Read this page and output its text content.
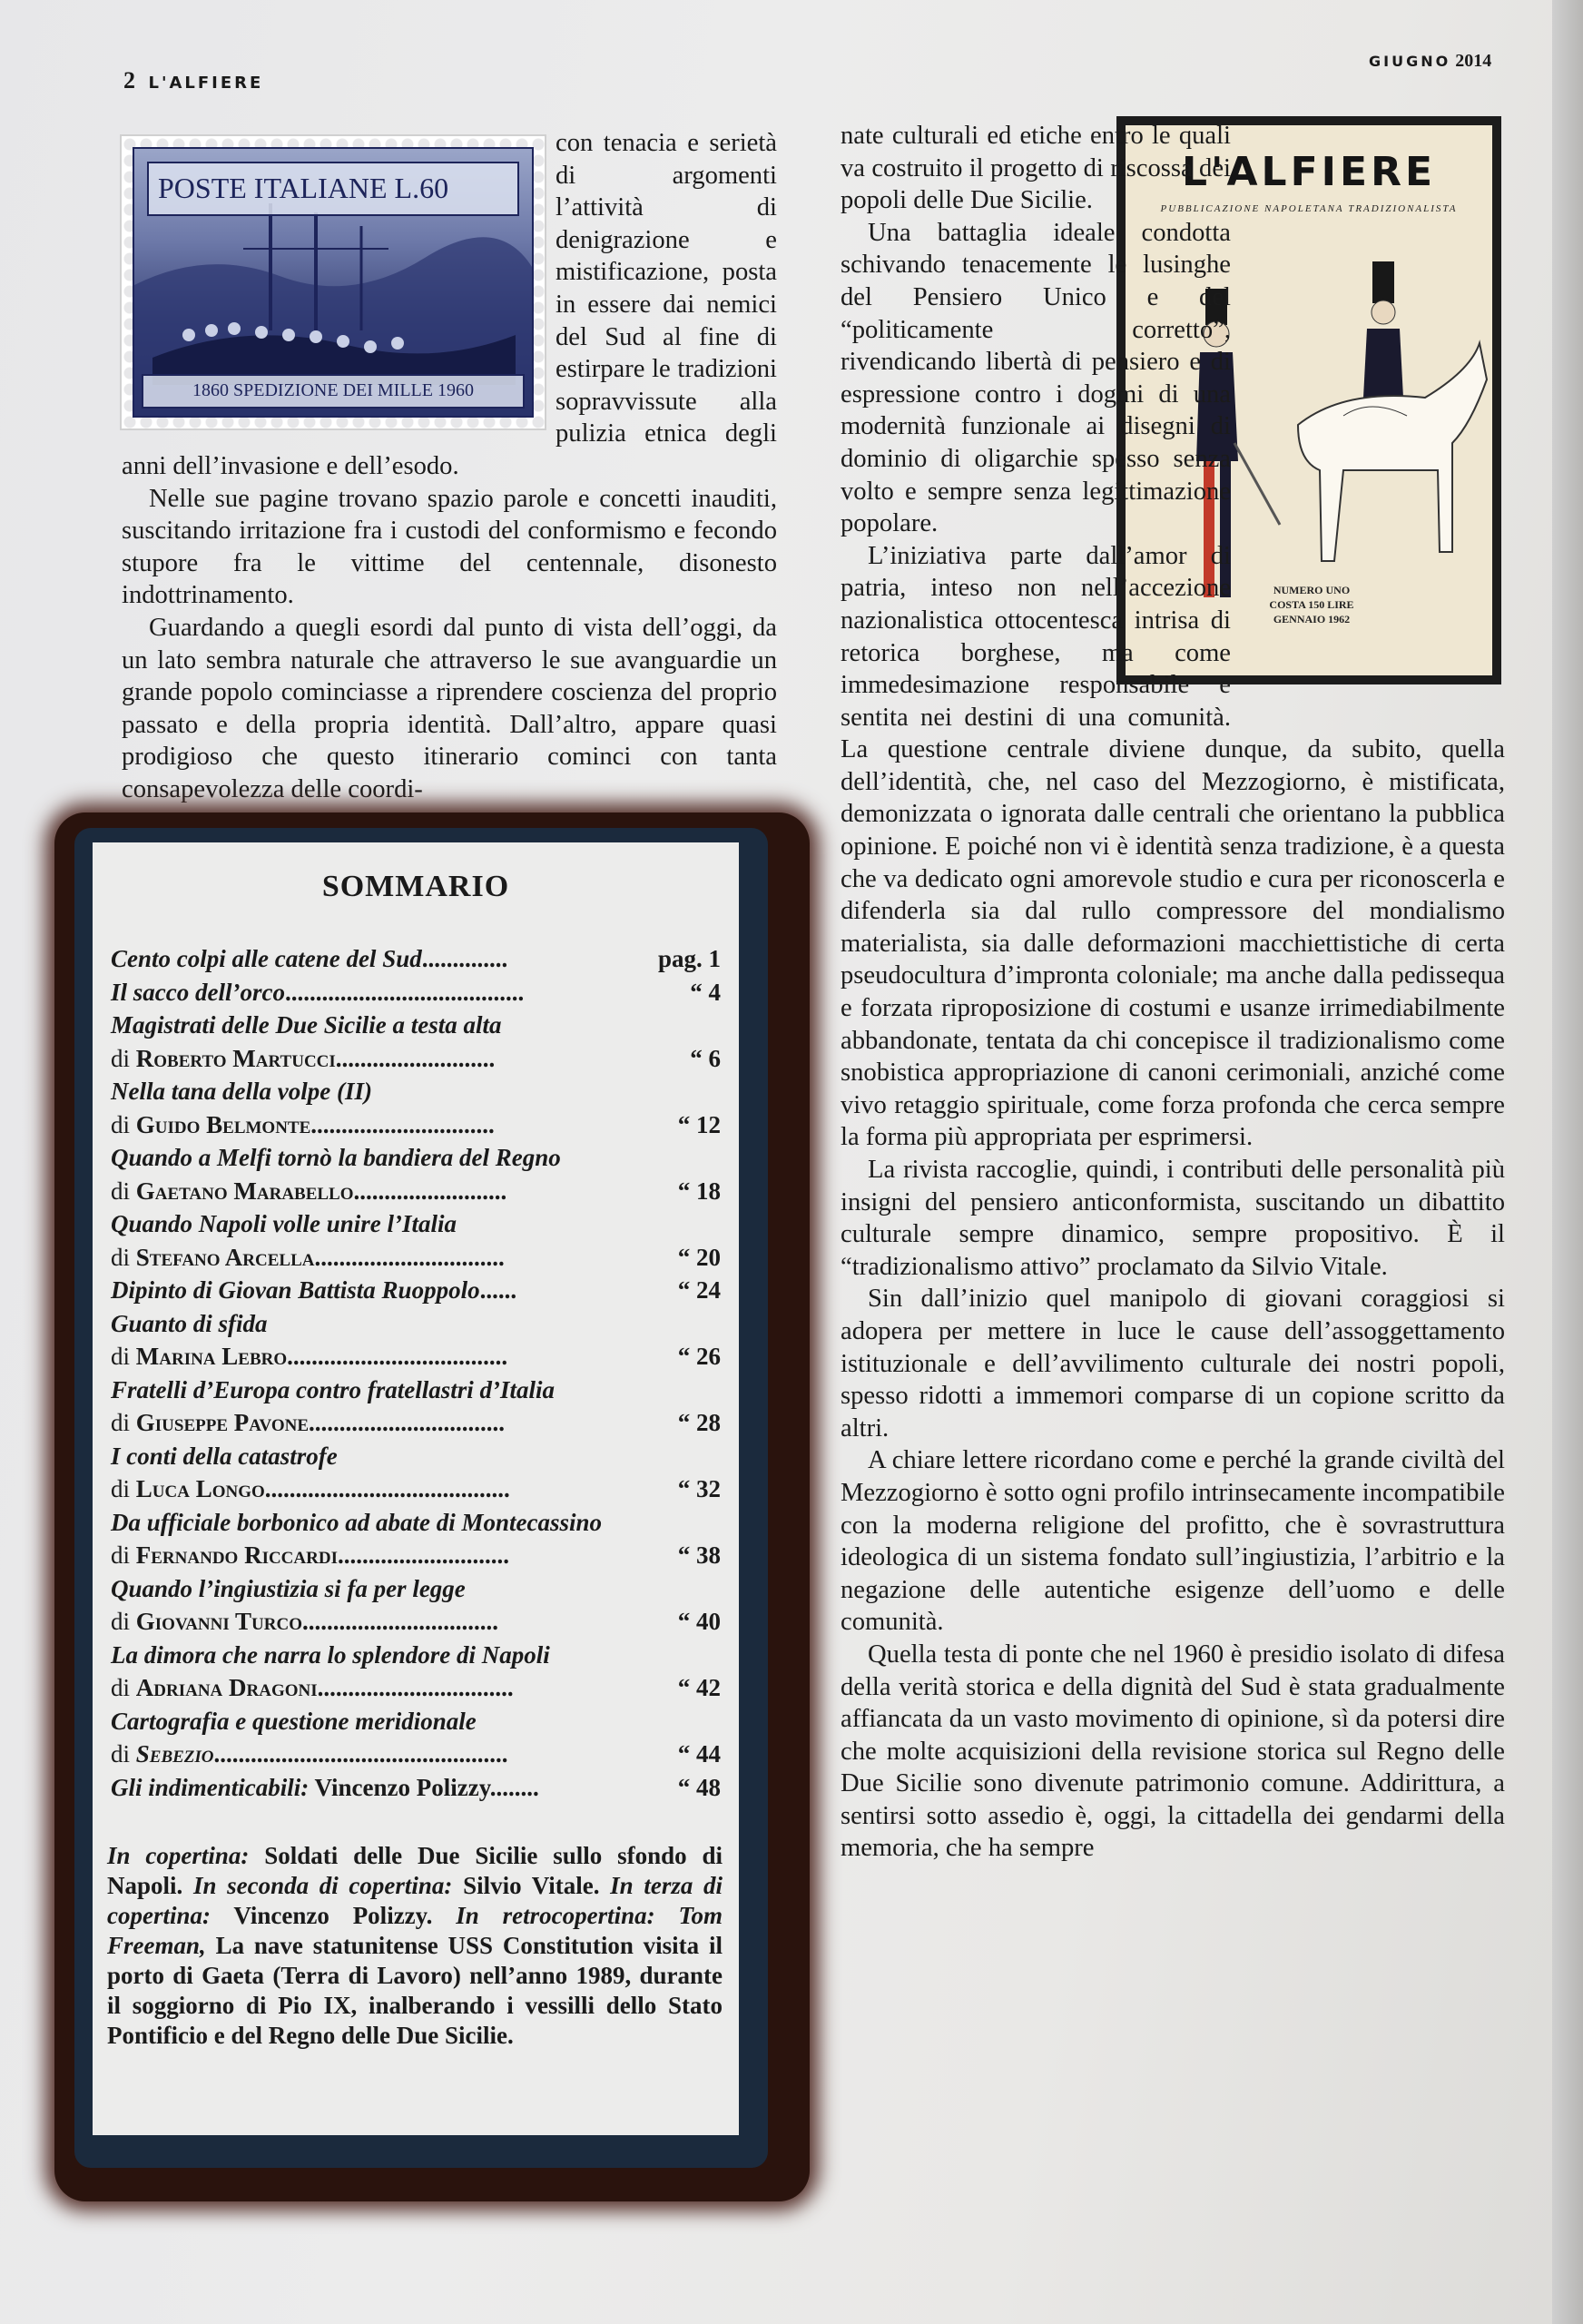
2 L'ALFIERE
GIUGNO 2014
POSTE ITALIANE L.60
1860 SPEDIZIONE DEI MILLE 1960

con tenacia e serietà di argomenti l’attività di denigrazione e mistificazione, posta in essere dai nemici del Sud al fine di estirpare le tradizioni sopravvissute alla pulizia etnica degli anni dell’invasione e dell’esodo.

Nelle sue pagine trovano spazio parole e concetti inauditi, suscitando irritazione fra i custodi del conformismo e fecondo stupore fra le vittime del centennale, disonesto indottrinamento.

Guardando a quegli esordi dal punto di vista dell’oggi, da un lato sembra naturale che attraverso le sue avanguardie un grande popolo cominciasse a riprendere coscienza del proprio passato e della propria identità. Dall’altro, appare quasi prodigioso che questo itinerario cominci con tanta consapevolezza delle coordi-

L'ALFIERE
PUBBLICAZIONE NAPOLETANA TRADIZIONALISTA
NUMERO UNO
COSTA 150 LIRE
GENNAIO 1962

nate culturali ed etiche entro le quali va costruito il progetto di riscossa dei popoli delle Due Sicilie.

Una battaglia ideale condotta schivando tenacemente le lusinghe del Pensiero Unico e del “politicamente corretto”, rivendicando libertà di pensiero e di espressione contro i dogmi di una modernità funzionale ai disegni di dominio di oligarchie spesso senza volto e sempre senza legittimazione popolare.

L’iniziativa parte dall’amor di patria, inteso non nell’accezione nazionalistica ottocentesca intrisa di retorica borghese, ma come immedesimazione responsabile e sentita nei destini di una comunità. La questione centrale diviene dunque, da subito, quella dell’identità, che, nel caso del Mezzogiorno, è mistificata, demonizzata o ignorata dalle centrali che orientano la pubblica opinione. E poiché non vi è identità senza tradizione, è a questa che va dedicato ogni amorevole studio e cura per riconoscerla e difenderla sia dal rullo compressore del mondialismo materialista, sia dalle deformazioni macchiettistiche di certa pseudocultura d’impronta coloniale; ma anche dalla pedissequa e forzata riproposizione di costumi e usanze irrimediabilmente abbandonate, tentata da chi concepisce il tradizionalismo come snobistica appropriazione di canoni cerimoniali, anziché come vivo retaggio spirituale, come forza profonda che cerca sempre la forma più appropriata per esprimersi.

La rivista raccoglie, quindi, i contributi delle personalità più insigni del pensiero anticonformista, suscitando un dibattito culturale sempre dinamico, sempre propositivo. È il “tradizionalismo attivo” proclamato da Silvio Vitale.

Sin dall’inizio quel manipolo di giovani coraggiosi si adopera per mettere in luce le cause dell’assoggettamento istituzionale e dell’avvilimento culturale dei nostri popoli, spesso ridotti a immemori comparse di un copione scritto da altri.

A chiare lettere ricordano come e perché la grande civiltà del Mezzogiorno è sotto ogni profilo intrinsecamente incompatibile con la moderna religione del profitto, che è sovrastruttura ideologica di un sistema fondato sull’ingiustizia, l’arbitrio e la negazione delle autentiche esigenze dell’uomo e delle comunità.

Quella testa di ponte che nel 1960 è presidio isolato di difesa della verità storica e della dignità del Sud è stata gradualmente affiancata da un vasto movimento di opinione, sì da potersi dire che molte acquisizioni della revisione storica sul Regno delle Due Sicilie sono divenute patrimonio comune. Addirittura, a sentirsi sotto assedio è, oggi, la cittadella dei gendarmi della memoria, che ha sempre

SOMMARIO
Cento colpi alle catene del Sud..............	pag. 1
Il sacco dell’orco.......................................	“ 4
Magistrati delle Due Sicilie a testa alta
di Roberto Martucci..........................	“ 6
Nella tana della volpe (II)
di Guido Belmonte..............................	“ 12
Quando a Melfi tornò la bandiera del Regno
di Gaetano Marabello.........................	“ 18
Quando Napoli volle unire l’Italia
di Stefano Arcella...............................	“ 20
Dipinto di Giovan Battista Ruoppolo......	“ 24
Guanto di sfida
di Marina Lebro....................................	“ 26
Fratelli d’Europa contro fratellastri d’Italia
di Giuseppe Pavone................................	“ 28
I conti della catastrofe
di Luca Longo........................................	“ 32
Da ufficiale borbonico ad abate di Montecassino
di Fernando Riccardi............................	“ 38
Quando l’ingiustizia si fa per legge
di Giovanni Turco................................	“ 40
La dimora che narra lo splendore di Napoli
di Adriana Dragoni................................	“ 42
Cartografia e questione meridionale
di Sebezio................................................	“ 44
Gli indimenticabili: Vincenzo Polizzy........	“ 48
In copertina: Soldati delle Due Sicilie sullo sfondo di Napoli. In seconda di copertina: Silvio Vitale. In terza di copertina: Vincenzo Polizzy. In retrocopertina: Tom Freeman, La nave statunitense USS Constitution visita il porto di Gaeta (Terra di Lavoro) nell’anno 1989, durante il soggiorno di Pio IX, inalberando i vessilli dello Stato Pontificio e del Regno delle Due Sicilie.
